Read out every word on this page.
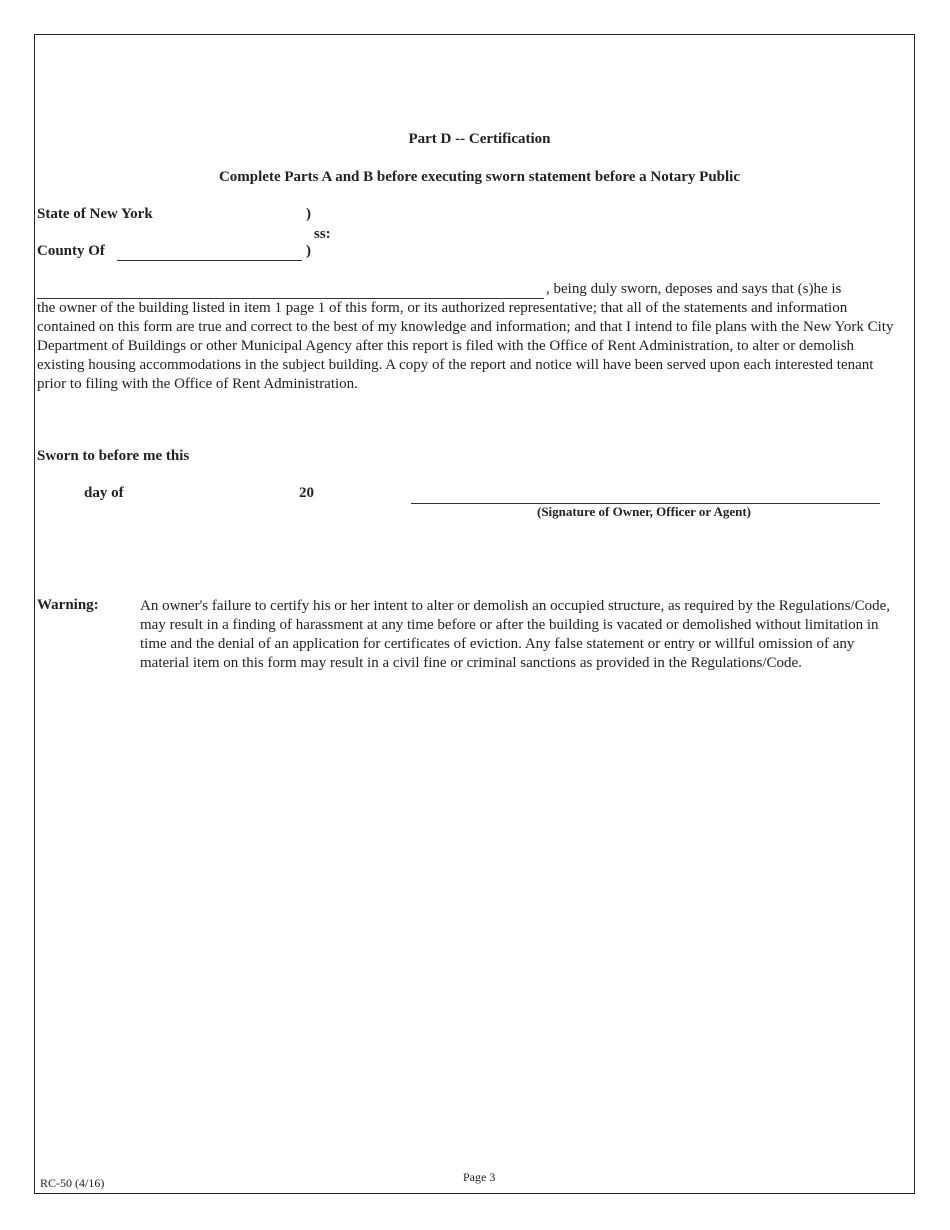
Part D -- Certification
Complete Parts A and B before executing sworn statement before a Notary Public
State of New York	)
ss:
County Of	)
, being duly sworn, deposes and says that (s)he is
the owner of the building listed in item 1 page 1 of this form, or its authorized representative; that all of the statements and information contained on this form are true and correct to the best of my knowledge and information; and that I intend to file plans with the New York City Department of Buildings or other Municipal Agency after this report is filed with the Office of Rent Administration, to alter or demolish existing housing accommodations in the subject building. A copy of the report and notice will have been served upon each interested tenant prior to filing with the Office of Rent Administration.
Sworn to before me this
day of	20
(Signature of Owner, Officer or Agent)
Warning:	An owner's failure to certify his or her intent to alter or demolish an occupied structure, as required by the Regulations/Code, may result in a finding of harassment at any time before or after the building is vacated or demolished without limitation in time and the denial of an application for certificates of eviction. Any false statement or entry or willful omission of any material item on this form may result in a civil fine or criminal sanctions as provided in the Regulations/Code.
RC-50 (4/16)	Page 3
